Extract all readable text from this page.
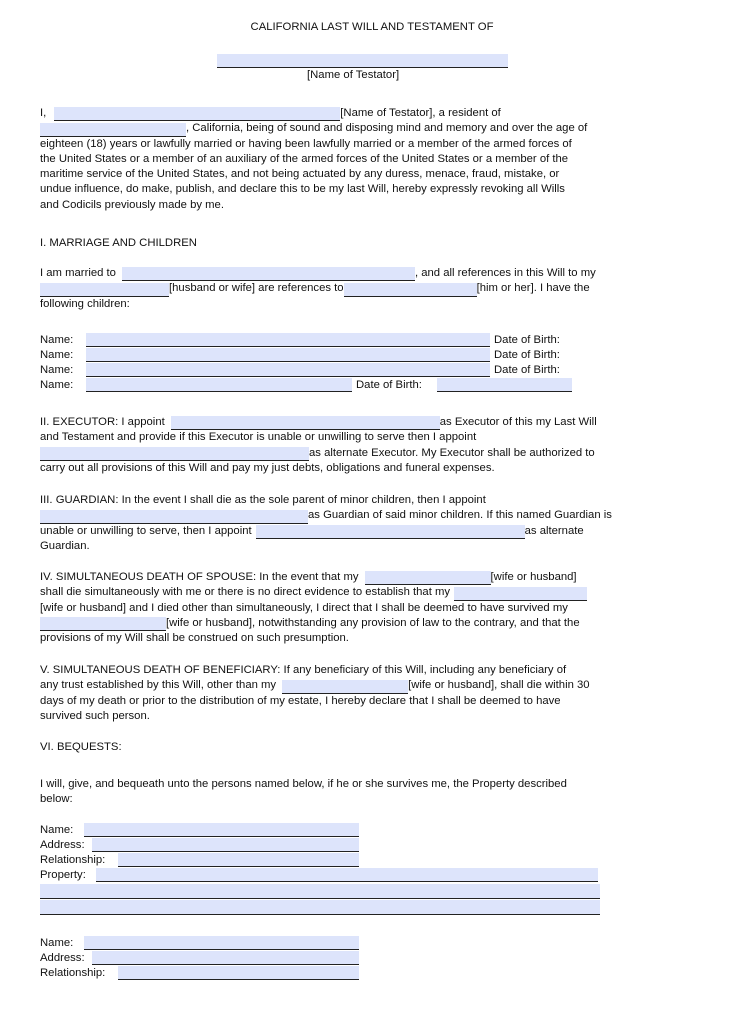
CALIFORNIA LAST WILL AND TESTAMENT OF
[Name of Testator]
I,	[Name of Testator], a resident of
, California, being of sound and disposing mind and memory and over the age of
eighteen (18) years or lawfully married or having been lawfully married or a member of the armed forces of
the United States or a member of an auxiliary of the armed forces of the United States or a member of the
maritime service of the United States, and not being actuated by any duress, menace, fraud, mistake, or
undue influence, do make, publish, and declare this to be my last Will, hereby expressly revoking all Wills
and Codicils previously made by me.
I. MARRIAGE AND CHILDREN
I am married to	, and all references in this Will to my
[husband or wife] are references to	[him or her]. I have the
following children:
Name:	Date of Birth:
Name:	Date of Birth:
Name:	Date of Birth:
Name:	Date of Birth:
II. EXECUTOR: I appoint	as Executor of this my Last Will
and Testament and provide if this Executor is unable or unwilling to serve then I appoint
as alternate Executor. My Executor shall be authorized to
carry out all provisions of this Will and pay my just debts, obligations and funeral expenses.
III. GUARDIAN: In the event I shall die as the sole parent of minor children, then I appoint
as Guardian of said minor children. If this named Guardian is
unable or unwilling to serve, then I appoint	as alternate
Guardian.
IV. SIMULTANEOUS DEATH OF SPOUSE: In the event that my	[wife or husband]
shall die simultaneously with me or there is no direct evidence to establish that my
[wife or husband] and I died other than simultaneously, I direct that I shall be deemed to have survived my
[wife or husband], notwithstanding any provision of law to the contrary, and that the
provisions of my Will shall be construed on such presumption.
V. SIMULTANEOUS DEATH OF BENEFICIARY: If any beneficiary of this Will, including any beneficiary of
any trust established by this Will, other than my	[wife or husband], shall die within 30
days of my death or prior to the distribution of my estate, I hereby declare that I shall be deemed to have
survived such person.
VI. BEQUESTS:
I will, give, and bequeath unto the persons named below, if he or she survives me, the Property described
below:
Name:
Address:
Relationship:
Property:
Name:
Address:
Relationship:
